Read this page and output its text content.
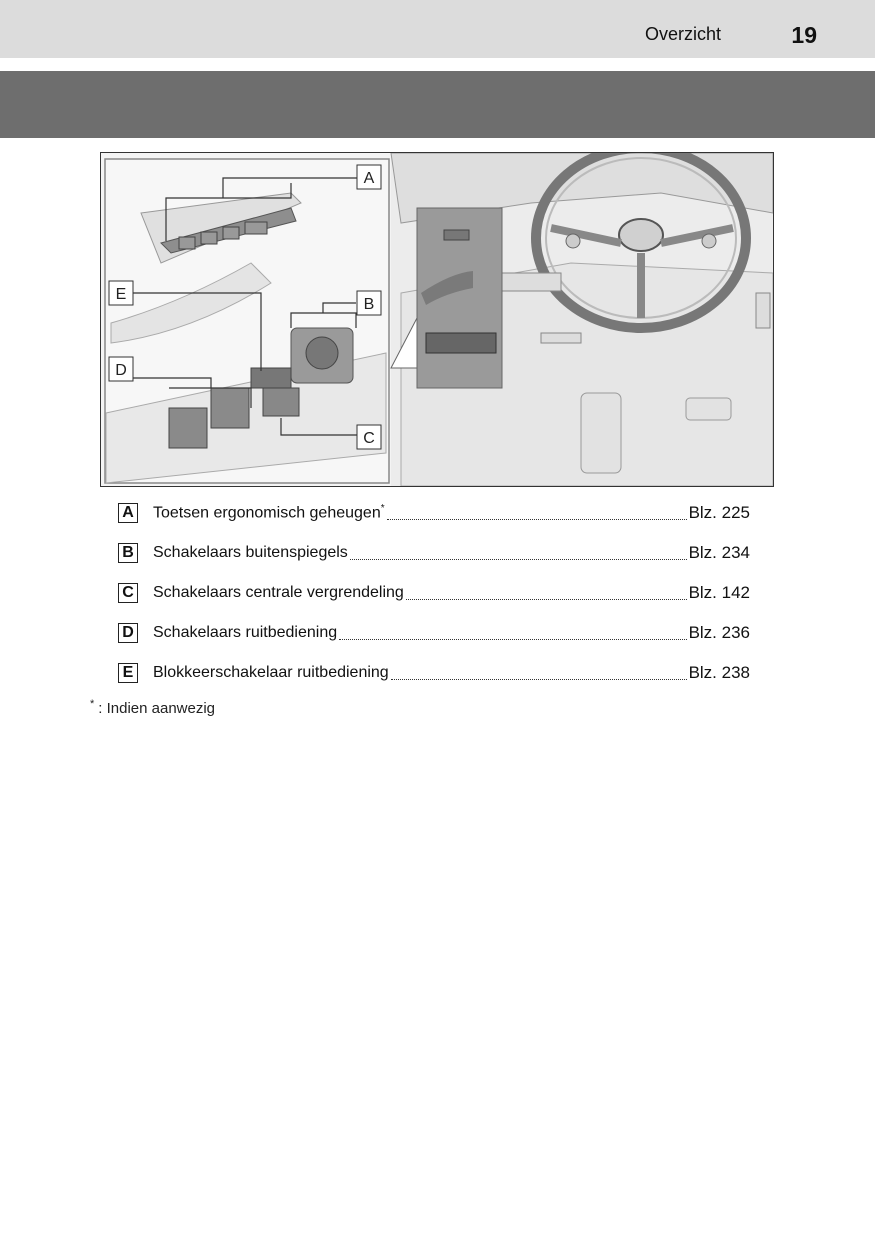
Overzicht	19
A
B
C
D
E
A Toetsen ergonomisch geheugen*	Blz. 225
B Schakelaars buitenspiegels	Blz. 234
C Schakelaars centrale vergrendeling	Blz. 142
D Schakelaars ruitbediening	Blz. 236
E Blokkeerschakelaar ruitbediening	Blz. 238
* : Indien aanwezig
